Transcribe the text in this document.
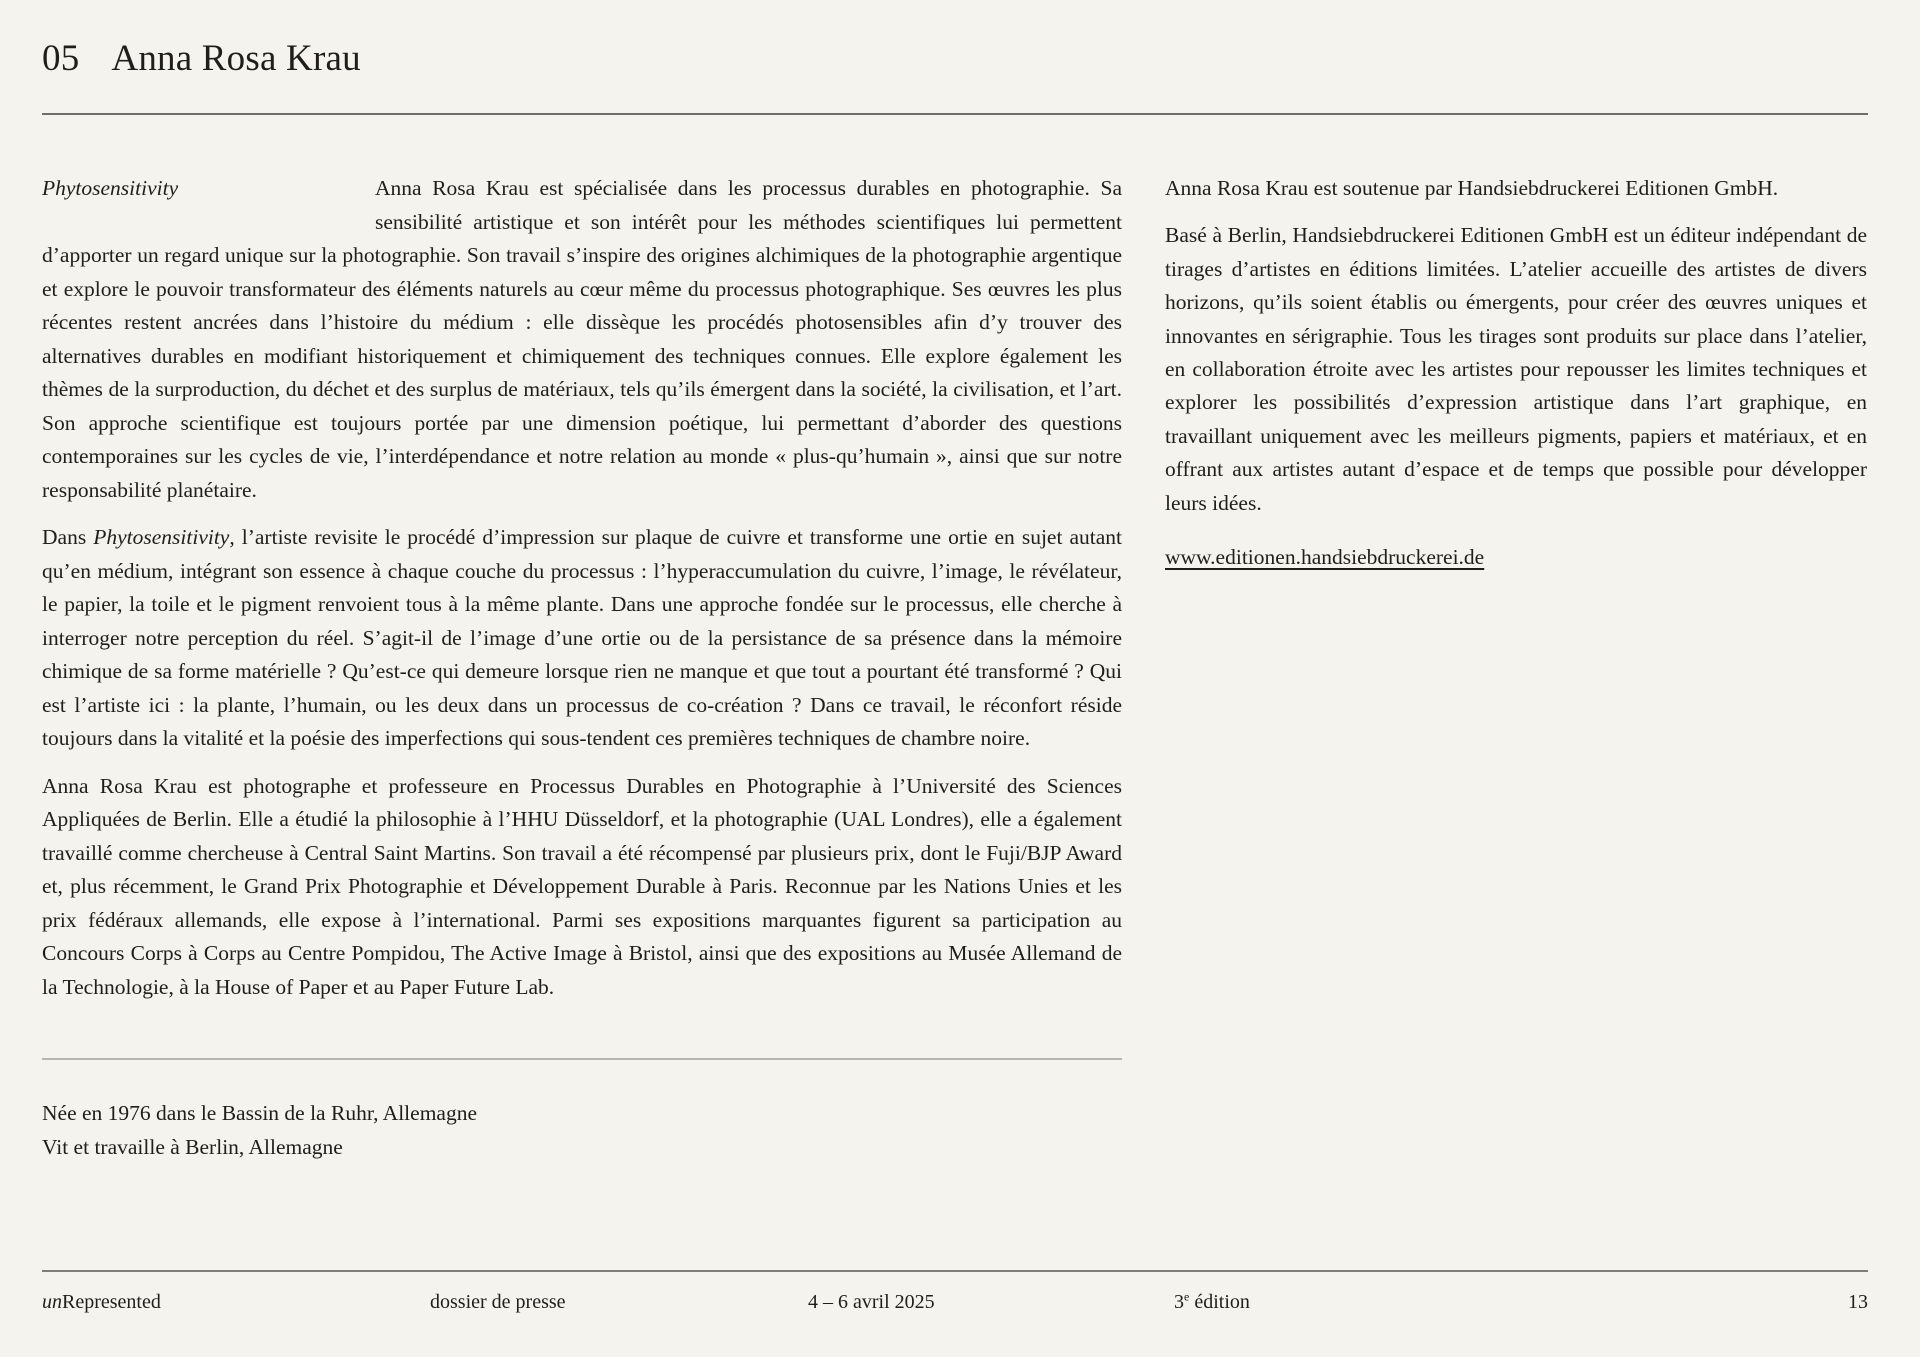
05 Anna Rosa Krau

Phytosensitivity	Anna Rosa Krau est spécialisée dans les processus durables en photographie. Sa sensibilité artistique et son intérêt pour les méthodes scientifiques lui permettent d’apporter un regard unique sur la photographie. Son travail s’inspire des origines alchimiques de la photographie argentique et explore le pouvoir transformateur des éléments naturels au cœur même du processus photographique. Ses œuvres les plus récentes restent ancrées dans l’histoire du médium : elle dissèque les procédés photosensibles afin d’y trouver des alternatives durables en modifiant historiquement et chimiquement des techniques connues. Elle explore également les thèmes de la surproduction, du déchet et des surplus de matériaux, tels qu’ils émergent dans la société, la civilisation, et l’art. Son approche scientifique est toujours portée par une dimension poétique, lui permettant d’aborder des questions contemporaines sur les cycles de vie, l’interdépendance et notre relation au monde « plus-qu’humain », ainsi que sur notre responsabilité planétaire.

Dans Phytosensitivity, l’artiste revisite le procédé d’impression sur plaque de cuivre et transforme une ortie en sujet autant qu’en médium, intégrant son essence à chaque couche du processus : l’hyperaccumulation du cuivre, l’image, le révélateur, le papier, la toile et le pigment renvoient tous à la même plante. Dans une approche fondée sur le processus, elle cherche à interroger notre perception du réel. S’agit-il de l’image d’une ortie ou de la persistance de sa présence dans la mémoire chimique de sa forme matérielle ? Qu’est-ce qui demeure lorsque rien ne manque et que tout a pourtant été transformé ? Qui est l’artiste ici : la plante, l’humain, ou les deux dans un processus de co-création ? Dans ce travail, le réconfort réside toujours dans la vitalité et la poésie des imperfections qui sous-tendent ces premières techniques de chambre noire.

Anna Rosa Krau est photographe et professeure en Processus Durables en Photographie à l’Université des Sciences Appliquées de Berlin. Elle a étudié la philosophie à l’HHU Düsseldorf, et la photographie (UAL Londres), elle a également travaillé comme chercheuse à Central Saint Martins. Son travail a été récompensé par plusieurs prix, dont le Fuji/BJP Award et, plus récemment, le Grand Prix Photographie et Développement Durable à Paris. Reconnue par les Nations Unies et les prix fédéraux allemands, elle expose à l’international. Parmi ses expositions marquantes figurent sa participation au Concours Corps à Corps au Centre Pompidou, The Active Image à Bristol, ainsi que des expositions au Musée Allemand de la Technologie, à la House of Paper et au Paper Future Lab.

Anna Rosa Krau est soutenue par Handsiebdruckerei Editionen GmbH.

Basé à Berlin, Handsiebdruckerei Editionen GmbH est un éditeur indépendant de tirages d’artistes en éditions limitées. L’atelier accueille des artistes de divers horizons, qu’ils soient établis ou émergents, pour créer des œuvres uniques et innovantes en sérigraphie. Tous les tirages sont produits sur place dans l’atelier, en collaboration étroite avec les artistes pour repousser les limites techniques et explorer les possibilités d’expression artistique dans l’art graphique, en travaillant uniquement avec les meilleurs pigments, papiers et matériaux, et en offrant aux artistes autant d’espace et de temps que possible pour développer leurs idées.

www.editionen.handsiebdruckerei.de
Née en 1976 dans le Bassin de la Ruhr, Allemagne
Vit et travaille à Berlin, Allemagne
unRepresented	dossier de presse	4 – 6 avril 2025	3e édition	13
